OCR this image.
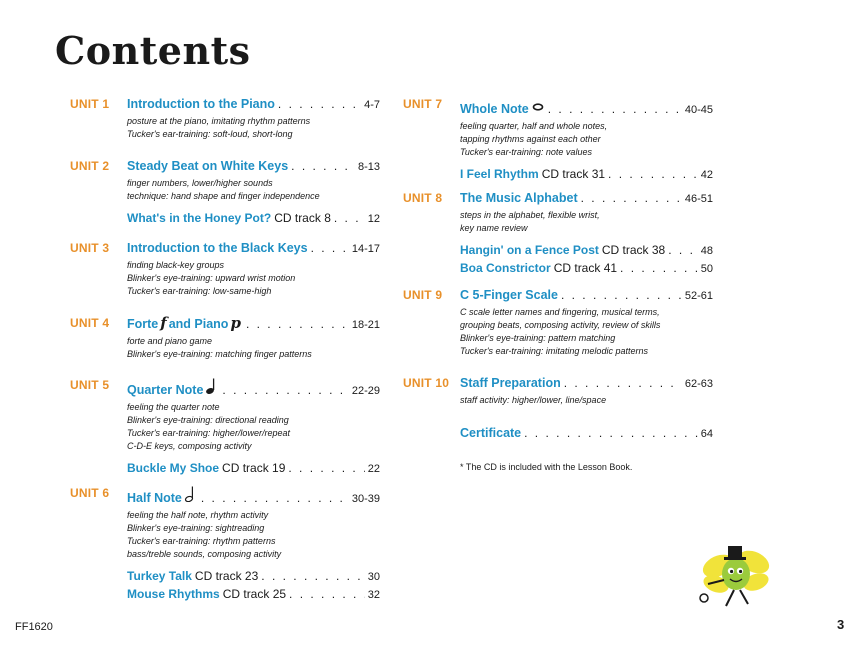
Contents
UNIT 1 Introduction to the Piano . . .	4-7
posture at the piano, imitating rhythm patterns
Tucker's ear-training: soft-loud, short-long
UNIT 2 Steady Beat on White Keys . . .	8-13
finger numbers, lower/higher sounds
technique: hand shape and finger independence
What's in the Honey Pot? CD track 8 . . .	12
UNIT 3 Introduction to the Black Keys . . .	14-17
finding black-key groups
Blinker's eye-training: upward wrist motion
Tucker's ear-training: low-same-high
UNIT 4 Forte f and Piano p . . .	18-21
forte and piano game
Blinker's eye-training: matching finger patterns
UNIT 5 Quarter Note . . .	22-29
feeling the quarter note
Blinker's eye-training: directional reading
Tucker's ear-training: higher/lower/repeat
C-D-E keys, composing activity
Buckle My Shoe CD track 19 . . .	22
UNIT 6 Half Note . . .	30-39
feeling the half note, rhythm activity
Blinker's eye-training: sightreading
Tucker's ear-training: rhythm patterns
bass/treble sounds, composing activity
Turkey Talk CD track 23 . . .	30
Mouse Rhythms CD track 25 . . .	32
UNIT 7 Whole Note . . .	40-45
feeling quarter, half and whole notes,
tapping rhythms against each other
Tucker's ear-training: note values
I Feel Rhythm CD track 31 . . .	42
UNIT 8 The Music Alphabet . . .	46-51
steps in the alphabet, flexible wrist,
key name review
Hangin' on a Fence Post CD track 38 . . .	48
Boa Constrictor CD track 41 . . .	50
UNIT 9 C 5-Finger Scale . . .	52-61
C scale letter names and fingering, musical terms,
grouping beats, composing activity, review of skills
Blinker's eye-training: pattern matching
Tucker's ear-training: imitating melodic patterns
UNIT 10 Staff Preparation . . .	62-63
staff activity: higher/lower, line/space
Certificate . . .	64
* The CD is included with the Lesson Book.
FF1620	3
